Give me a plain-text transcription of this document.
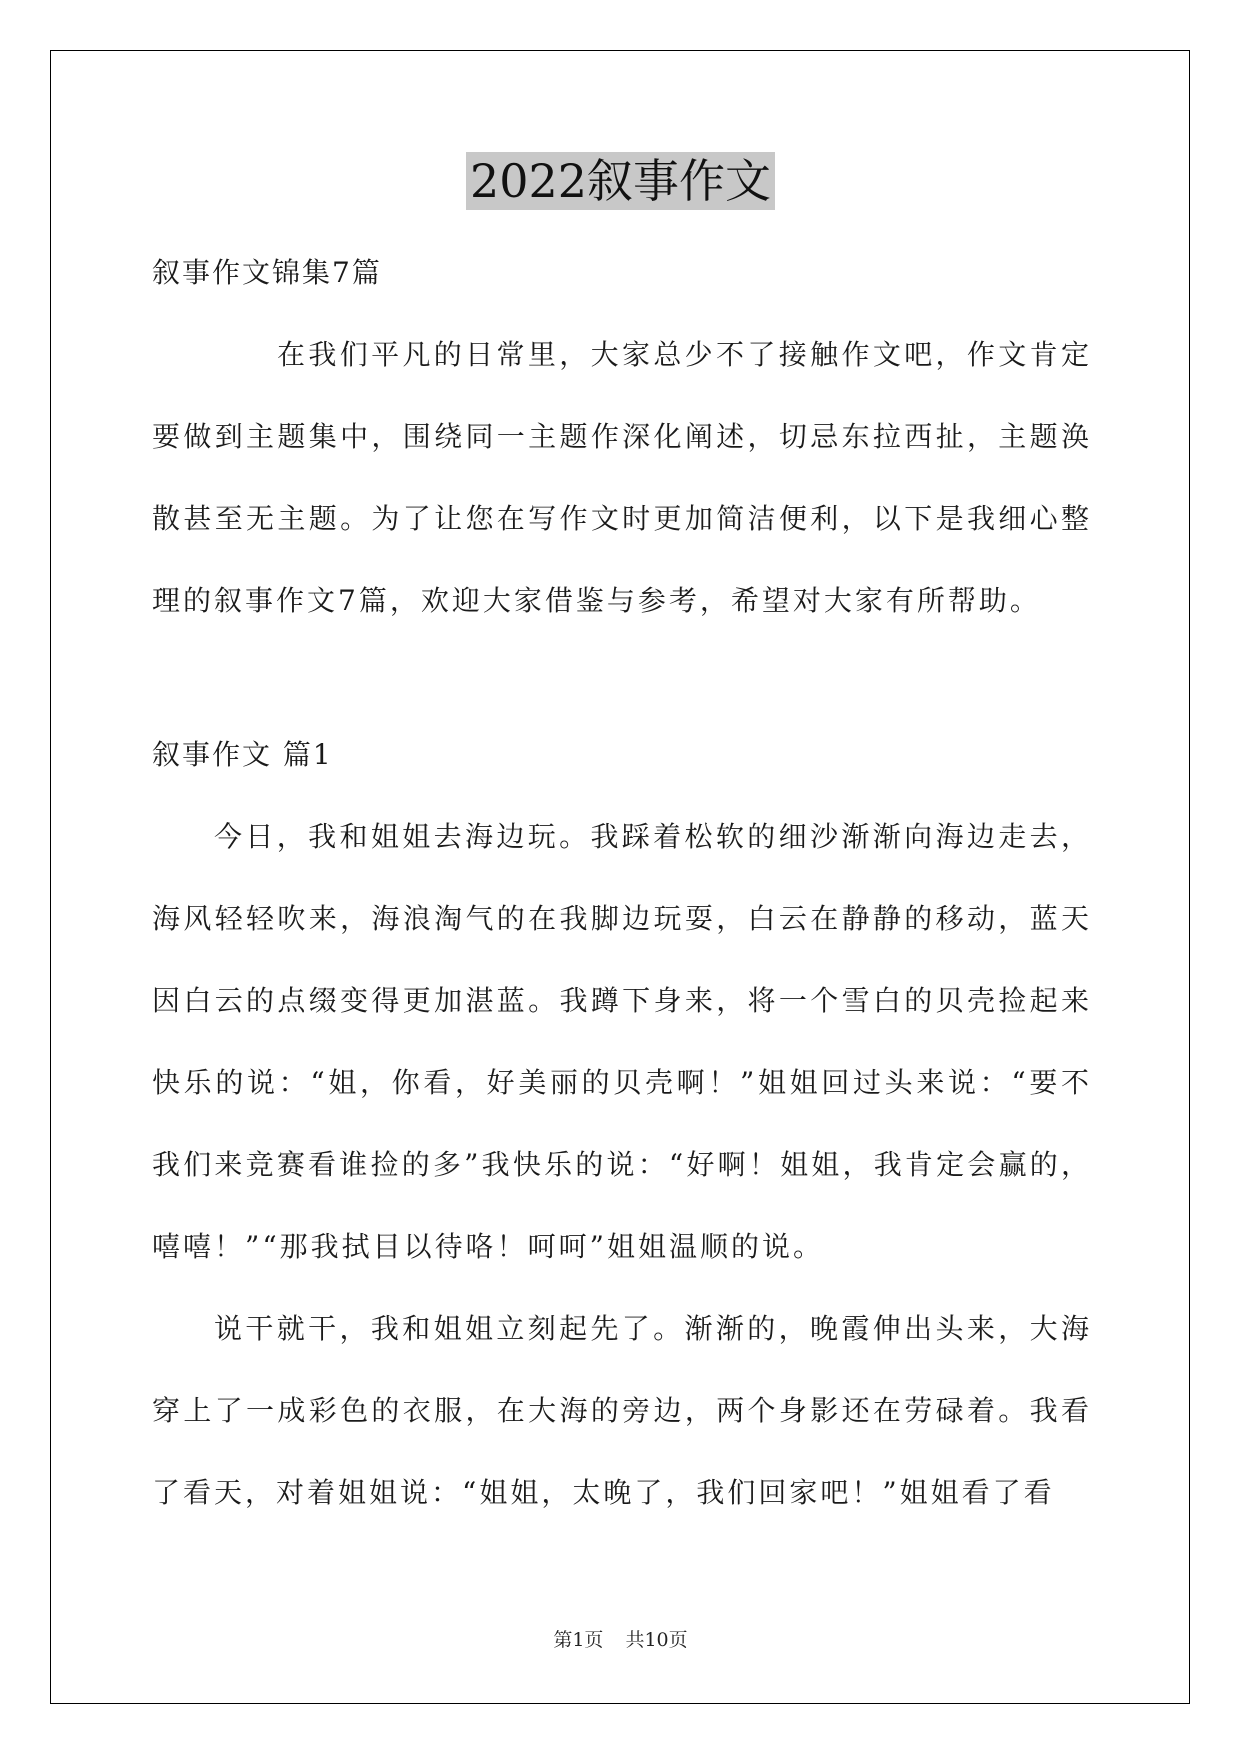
2022叙事作文

叙事作文锦集7篇

在我们平凡的日常里，大家总少不了接触作文吧，作文肯定要做到主题集中，围绕同一主题作深化阐述，切忌东拉西扯，主题涣散甚至无主题。为了让您在写作文时更加简洁便利，以下是我细心整理的叙事作文7篇，欢迎大家借鉴与参考，希望对大家有所帮助。

叙事作文 篇1

今日，我和姐姐去海边玩。我踩着松软的细沙渐渐向海边走去，海风轻轻吹来，海浪淘气的在我脚边玩耍，白云在静静的移动，蓝天因白云的点缀变得更加湛蓝。我蹲下身来，将一个雪白的贝壳捡起来快乐的说：“姐，你看，好美丽的贝壳啊！”姐姐回过头来说：“要不我们来竞赛看谁捡的多”我快乐的说：“好啊！姐姐，我肯定会赢的，嘻嘻！”“那我拭目以待咯！呵呵”姐姐温顺的说。

说干就干，我和姐姐立刻起先了。渐渐的，晚霞伸出头来，大海穿上了一成彩色的衣服，在大海的旁边，两个身影还在劳碌着。我看了看天，对着姐姐说：“姐姐，太晚了，我们回家吧！”姐姐看了看

第1页 共10页
